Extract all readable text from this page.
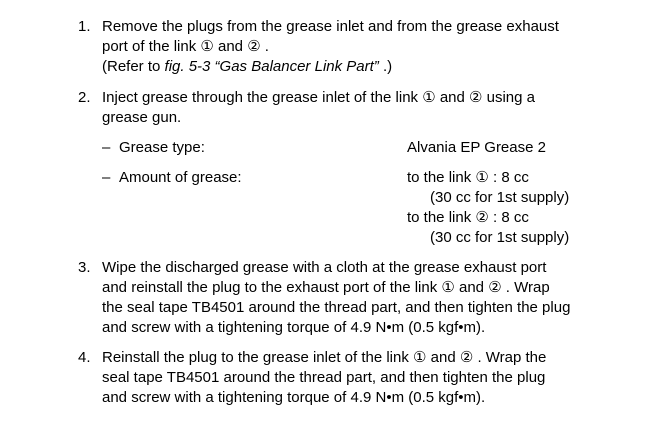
1. Remove the plugs from the grease inlet and from the grease exhaust
port of the link ① and ② .
(Refer to fig. 5-3 “Gas Balancer Link Part” .)
2. Inject grease through the grease inlet of the link ① and ② using a
grease gun.
– Grease type:	Alvania EP Grease 2
– Amount of grease:	to the link ① : 8 cc
(30 cc for 1st supply)
to the link ② : 8 cc
(30 cc for 1st supply)
3. Wipe the discharged grease with a cloth at the grease exhaust port
and reinstall the plug to the exhaust port of the link ① and ② . Wrap
the seal tape TB4501 around the thread part, and then tighten the plug
and screw with a tightening torque of 4.9 N•m (0.5 kgf•m).
4. Reinstall the plug to the grease inlet of the link ① and ② . Wrap the
seal tape TB4501 around the thread part, and then tighten the plug
and screw with a tightening torque of 4.9 N•m (0.5 kgf•m).
